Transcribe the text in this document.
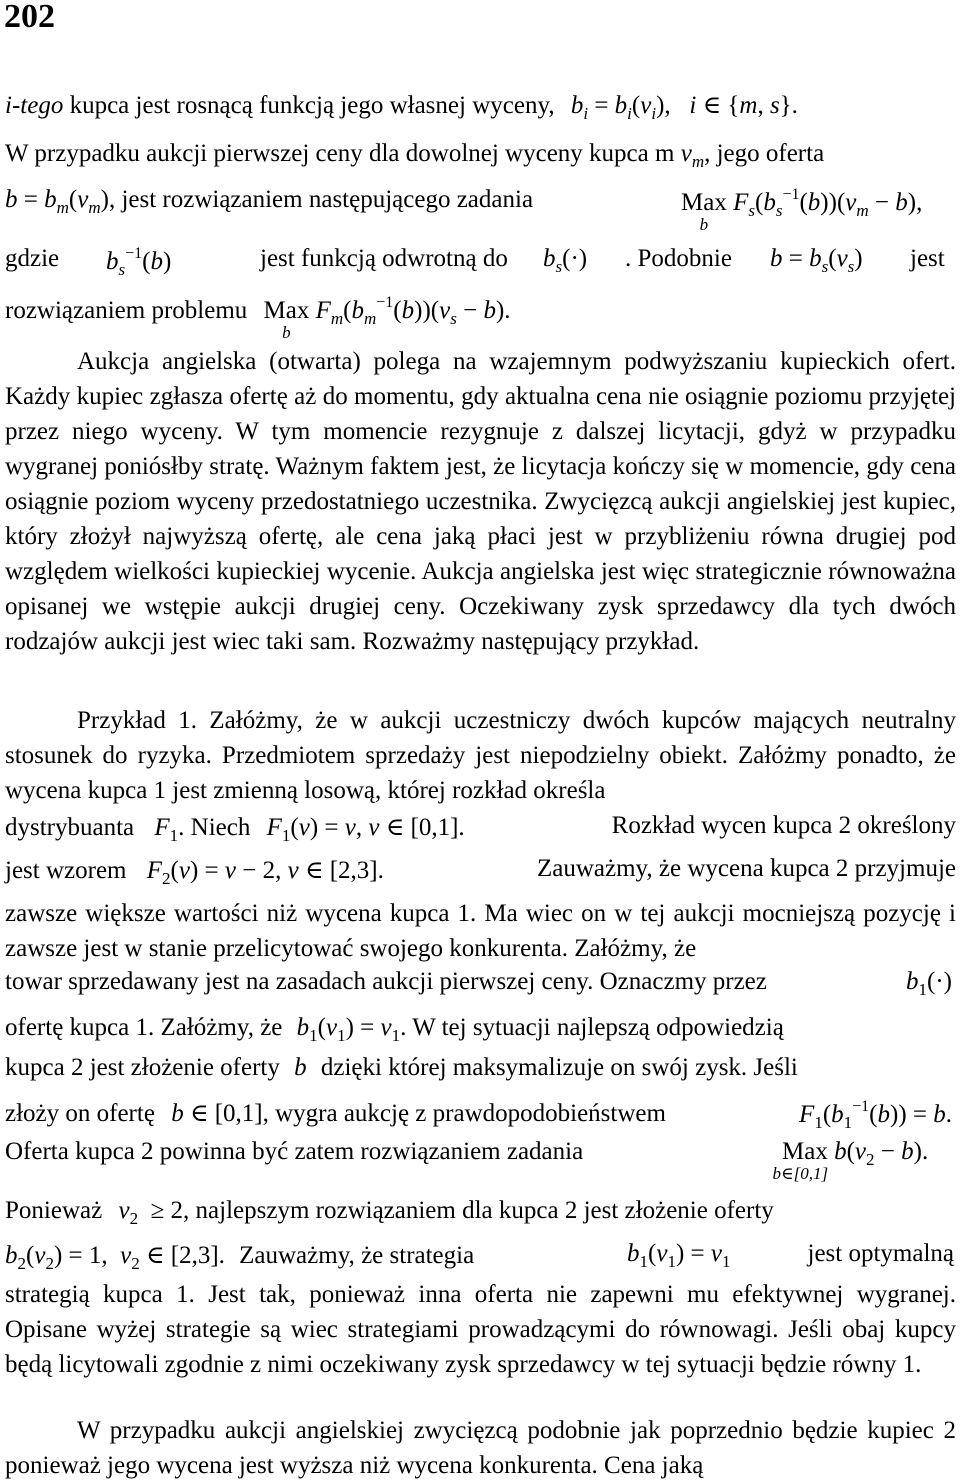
202
i-tego kupca jest rosnącą funkcją jego własnej wyceny, $b_i = b_i(v_i)$,   i ∈ {m, s}.
W przypadku aukcji pierwszej ceny dla dowolnej wyceny kupca m $v_m$, jego oferta
$b = b_m(v_m)$, jest rozwiązaniem następującego zadania	Max
b
$F_s(b_s^{-1}(b))(v_m - b)$,
gdzie $b_s^{-1}(b)$	jest funkcją odwrotną do $b_s(\cdot)$ . Podobnie $b = b_s(v_s)$ jest
rozwiązaniem problemu Max
b
$F_m(b_m^{-1}(b))(v_s - b)$.
Aukcja angielska (otwarta) polega na wzajemnym podwyższaniu kupieckich ofert. Każdy kupiec zgłasza ofertę aż do momentu, gdy aktualna cena nie osiągnie poziomu przyjętej przez niego wyceny. W tym momencie rezygnuje z dalszej licytacji, gdyż w przypadku wygranej poniósłby stratę. Ważnym faktem jest, że licytacja kończy się w momencie, gdy cena osiągnie poziom wyceny przedostatniego uczestnika. Zwycięzcą aukcji angielskiej jest kupiec, który złożył najwyższą ofertę, ale cena jaką płaci jest w przybliżeniu równa drugiej pod względem wielkości kupieckiej wycenie. Aukcja angielska jest więc strategicznie równoważna opisanej we wstępie aukcji drugiej ceny. Oczekiwany zysk sprzedawcy dla tych dwóch rodzajów aukcji jest wiec taki sam. Rozważmy następujący przykład.
Przykład 1. Załóżmy, że w aukcji uczestniczy dwóch kupców mających neutralny stosunek do ryzyka. Przedmiotem sprzedaży jest niepodzielny obiekt. Załóżmy ponadto, że wycena kupca 1 jest zmienną losową, której rozkład określa
dystrybuanta $F_1$. Niech $F_1(v) = v$, v ∈ [0,1].	Rozkład wycen kupca 2 określony
jest wzorem $F_2(v) = v - 2$, v ∈ [2,3].	Zauważmy, że wycena kupca 2 przyjmuje
zawsze większe wartości niż wycena kupca 1. Ma wiec on w tej aukcji mocniejszą pozycję i zawsze jest w stanie przelicytować swojego konkurenta. Załóżmy, że
towar sprzedawany jest na zasadach aukcji pierwszej ceny. Oznaczmy przez	$b_1(\cdot)$
ofertę kupca 1. Załóżmy, że $b_1(v_1) = v_1$. W tej sytuacji najlepszą odpowiedzią
kupca 2 jest złożenie oferty b dzięki której maksymalizuje on swój zysk. Jeśli
złoży on ofertę b ∈ [0,1], wygra aukcję z prawdopodobieństwem	$F_1(b_1^{-1}(b)) = b$.
Oferta kupca 2 powinna być zatem rozwiązaniem zadania	Max
b∈[0,1]
$b(v_2 - b)$.
Ponieważ $v_2 \ge 2$, najlepszym rozwiązaniem dla kupca 2 jest złożenie oferty
$b_2(v_2) = 1$,  $v_2$ ∈ [2,3]. Zauważmy, że strategia	$b_1(v_1) = v_1$	jest optymalną
strategią kupca 1. Jest tak, ponieważ inna oferta nie zapewni mu efektywnej wygranej. Opisane wyżej strategie są wiec strategiami prowadzącymi do równowagi. Jeśli obaj kupcy będą licytowali zgodnie z nimi oczekiwany zysk sprzedawcy w tej sytuacji będzie równy 1.
W przypadku aukcji angielskiej zwycięzcą podobnie jak poprzednio będzie kupiec 2 ponieważ jego wycena jest wyższa niż wycena konkurenta. Cena jaką
